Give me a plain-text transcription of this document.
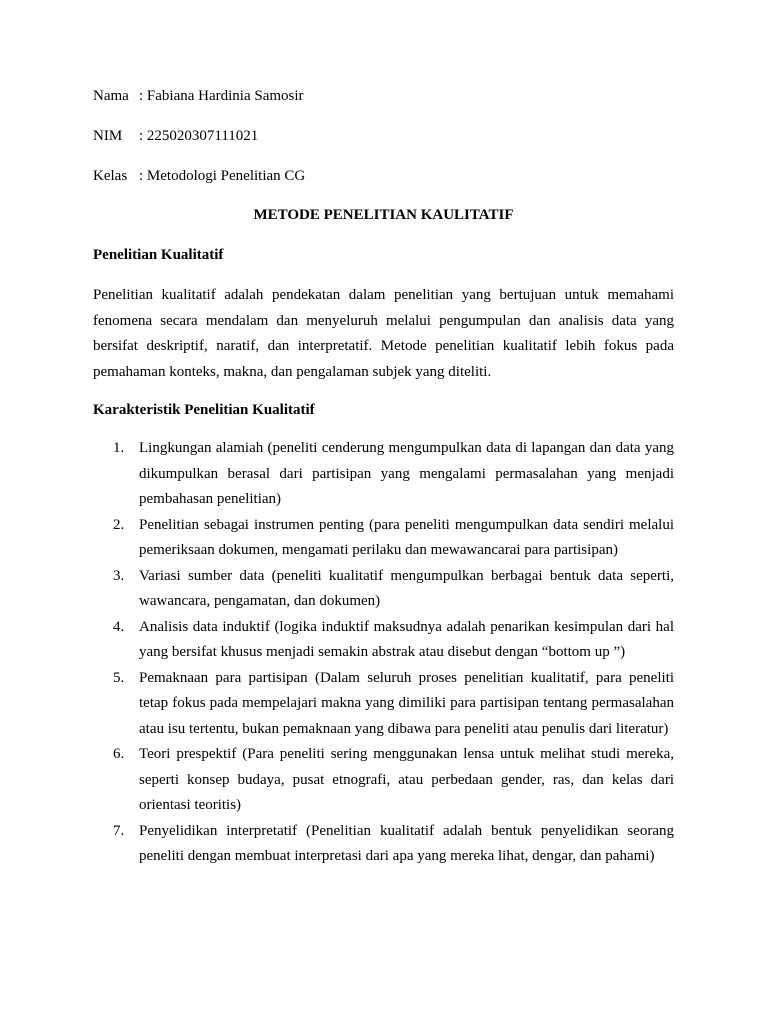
Nama : Fabiana Hardinia Samosir
NIM	: 225020307111021
Kelas : Metodologi Penelitian CG
METODE PENELITIAN KAULITATIF
Penelitian Kualitatif

Penelitian kualitatif adalah pendekatan dalam penelitian yang bertujuan untuk memahami fenomena secara mendalam dan menyeluruh melalui pengumpulan dan analisis data yang bersifat deskriptif, naratif, dan interpretatif. Metode penelitian kualitatif lebih fokus pada pemahaman konteks, makna, dan pengalaman subjek yang diteliti.

Karakteristik Penelitian Kualitatif
1. Lingkungan alamiah (peneliti cenderung mengumpulkan data di lapangan dan data yang dikumpulkan berasal dari partisipan yang mengalami permasalahan yang menjadi pembahasan penelitian)
2. Penelitian sebagai instrumen penting (para peneliti mengumpulkan data sendiri melalui pemeriksaan dokumen, mengamati perilaku dan mewawancarai para partisipan)
3. Variasi sumber data (peneliti kualitatif mengumpulkan berbagai bentuk data seperti, wawancara, pengamatan, dan dokumen)
4. Analisis data induktif (logika induktif maksudnya adalah penarikan kesimpulan dari hal yang bersifat khusus menjadi semakin abstrak atau disebut dengan “bottom up ”)
5. Pemaknaan para partisipan (Dalam seluruh proses penelitian kualitatif, para peneliti tetap fokus pada mempelajari makna yang dimiliki para partisipan tentang permasalahan atau isu tertentu, bukan pemaknaan yang dibawa para peneliti atau penulis dari literatur)
6. Teori prespektif (Para peneliti sering menggunakan lensa untuk melihat studi mereka, seperti konsep budaya, pusat etnografi, atau perbedaan gender, ras, dan kelas dari orientasi teoritis)
7. Penyelidikan interpretatif (Penelitian kualitatif adalah bentuk penyelidikan seorang peneliti dengan membuat interpretasi dari apa yang mereka lihat, dengar, dan pahami)
